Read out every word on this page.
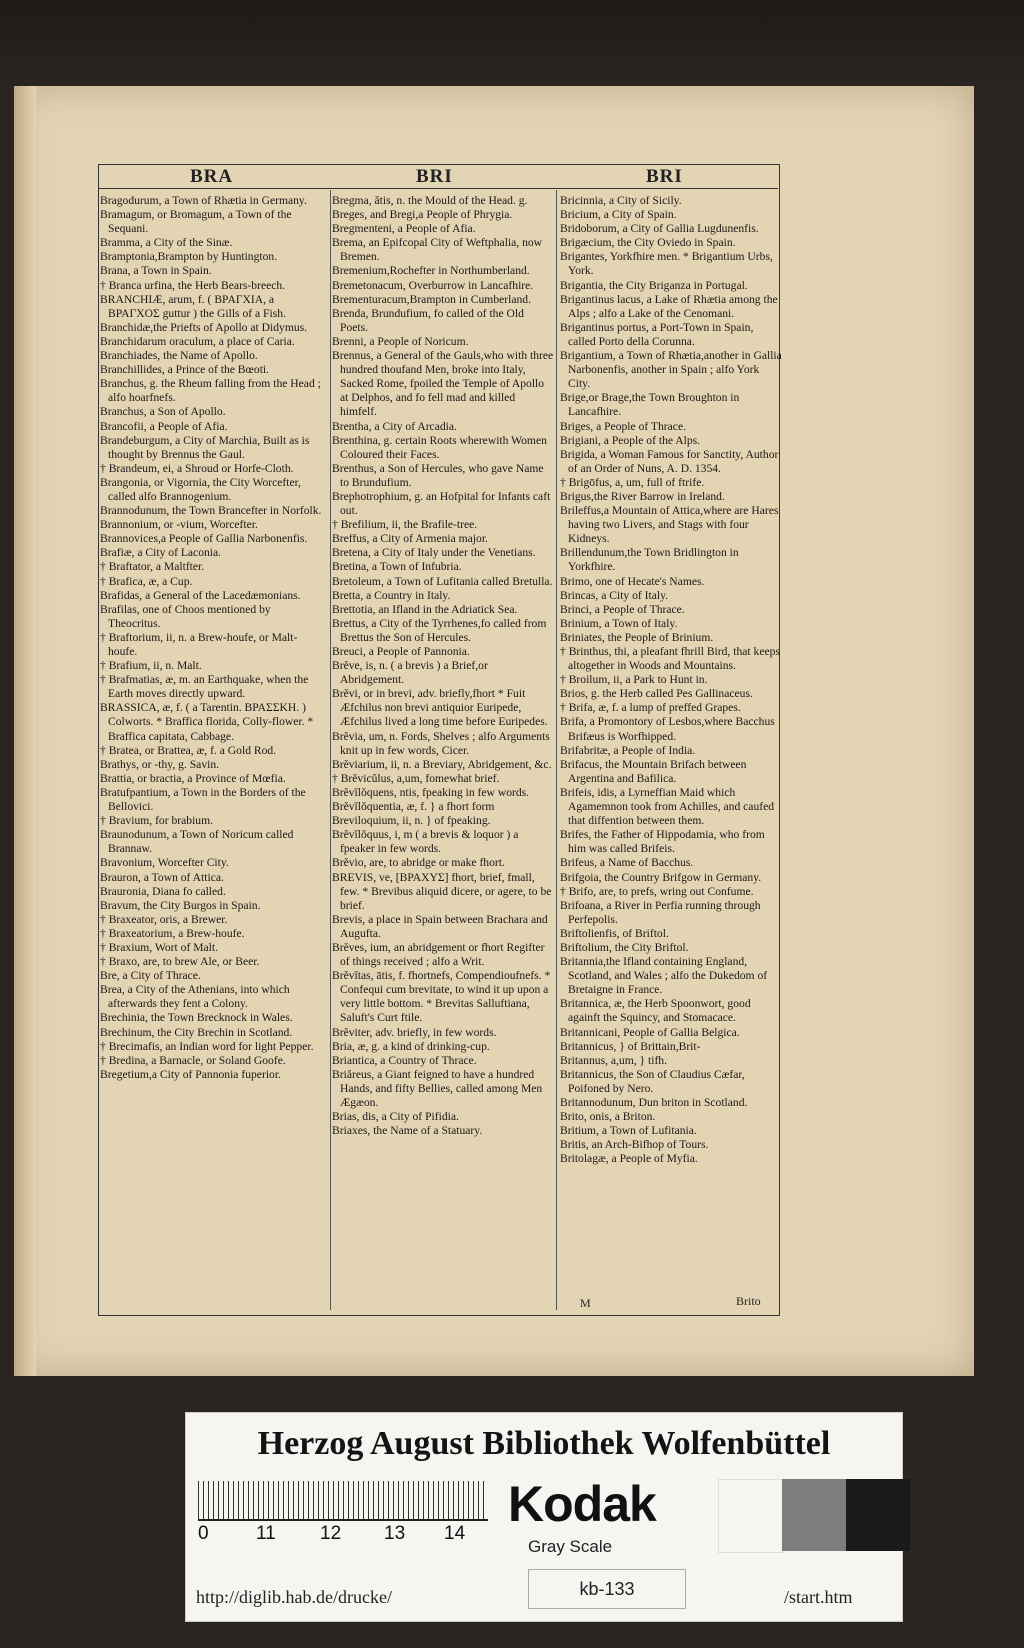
BRA	BRI	BRI

Bragodurum, a Town of Rhætia in Germany.

Bramagum, or Bromagum, a Town of the Sequani.

Bramma, a City of the Sinæ.

Bramptonia,Brampton by Huntington.

Brana, a Town in Spain.

† Branca urfina, the Herb Bears-breech.

BRANCHIÆ, arum, f. ( ΒΡΑΓΧΙΑ, a ΒΡΑΓΧΟΣ guttur ) the Gills of a Fish.

Branchidæ,the Priefts of Apollo at Didymus.

Branchidarum oraculum, a place of Caria.

Branchiades, the Name of Apollo.

Branchillides, a Prince of the Bœoti.

Branchus, g. the Rheum falling from the Head ; alfo hoarfnefs.

Branchus, a Son of Apollo.

Brancofii, a People of Afia.

Brandeburgum, a City of Marchia, Built as is thought by Brennus the Gaul.

† Brandeum, ei, a Shroud or Horfe-Cloth.

Brangonia, or Vigornia, the City Worcefter, called alfo Brannogenium.

Brannodunum, the Town Brancefter in Norfolk.

Brannonium, or -vium, Worcefter.

Brannovices,a People of Gallia Narbonenfis.

Brafiæ, a City of Laconia.

† Braftator, a Maltfter.

† Brafica, æ, a Cup.

Brafidas, a General of the Lacedæmonians.

Brafilas, one of Choos mentioned by Theocritus.

† Braftorium, ii, n. a Brew-houfe, or Malt-houfe.

† Brafium, ii, n. Malt.

† Brafmatias, æ, m. an Earthquake, when the Earth moves directly upward.

BRASSICA, æ, f. ( a Tarentin. ΒΡΑΣΣΚΗ. ) Colworts. * Braffica florida, Colly-flower. * Braffica capitata, Cabbage.

† Bratea, or Brattea, æ, f. a Gold Rod.

Brathys, or -thy, g. Savin.

Brattia, or bractia, a Province of Mœfia.

Bratufpantium, a Town in the Borders of the Bellovici.

† Bravium, for brabium.

Braunodunum, a Town of Noricum called Brannaw.

Bravonium, Worcefter City.

Brauron, a Town of Attica.

Brauronia, Diana fo called.

Bravum, the City Burgos in Spain.

† Braxeator, oris, a Brewer.

† Braxeatorium, a Brew-houfe.

† Braxium, Wort of Malt.

† Braxo, are, to brew Ale, or Beer.

Bre, a City of Thrace.

Brea, a City of the Athenians, into which afterwards they fent a Colony.

Brechinia, the Town Brecknock in Wales.

Brechinum, the City Brechin in Scotland.

† Brecimafis, an Indian word for light Pepper.

† Bredina, a Barnacle, or Soland Goofe.

Bregetium,a City of Pannonia fuperior.

Bregma, ătis, n. the Mould of the Head. g.

Breges, and Bregi,a People of Phrygia.

Bregmenteni, a People of Afia.

Brema, an Epifcopal City of Weftphalia, now Bremen.

Bremenium,Rochefter in Northumberland.

Bremetonacum, Overburrow in Lancafhire.

Brementuracum,Brampton in Cumberland.

Brenda, Brundufium, fo called of the Old Poets.

Brenni, a People of Noricum.

Brennus, a General of the Gauls,who with three hundred thoufand Men, broke into Italy, Sacked Rome, fpoiled the Temple of Apollo at Delphos, and fo fell mad and killed himfelf.

Brentha, a City of Arcadia.

Brenthina, g. certain Roots wherewith Women Coloured their Faces.

Brenthus, a Son of Hercules, who gave Name to Brundufium.

Brephotrophium, g. an Hofpital for Infants caft out.

† Brefilium, ii, the Brafile-tree.

Breffus, a City of Armenia major.

Bretena, a City of Italy under the Venetians.

Bretina, a Town of Infubria.

Bretoleum, a Town of Lufitania called Bretulla.

Bretta, a Country in Italy.

Brettotia, an Ifland in the Adriatick Sea.

Brettus, a City of the Tyrrhenes,fo called from Brettus the Son of Hercules.

Breuci, a People of Pannonia.

Brĕve, is, n. ( a brevis ) a Brief,or Abridgement.

Brĕvi, or in brevi, adv. briefly,fhort * Fuit Æfchilus non brevi antiquior Euripede, Æfchilus lived a long time before Euripedes.

Brĕvia, um, n. Fords, Shelves ; alfo Arguments knit up in few words, Cicer.

Brĕviarium, ii, n. a Breviary, Abridgement, &c.

† Brĕvicŭlus, a,um, fomewhat brief.

Brĕvĭlŏquens, ntis, fpeaking in few words.

Brĕvĭlŏquentia, æ, f. } a fhort form

Breviloquium, ii, n. } of fpeaking.

Brĕvĭlŏquus, i, m ( a brevis & loquor ) a fpeaker in few words.

Brĕvio, are, to abridge or make fhort.

BREVIS, ve, [ΒΡΑΧΥΣ] fhort, brief, fmall, few. * Brevibus aliquid dicere, or agere, to be brief.

Brevis, a place in Spain between Brachara and Augufta.

Brĕves, ium, an abridgement or fhort Regifter of things received ; alfo a Writ.

Brĕvĭtas, ātis, f. fhortnefs, Compendioufnefs. * Confequi cum brevitate, to wind it up upon a very little bottom. * Brevitas Salluftiana, Saluft's Curt ftile.

Brĕviter, adv. briefly, in few words.

Bria, æ, g. a kind of drinking-cup.

Briantica, a Country of Thrace.

Briăreus, a Giant feigned to have a hundred Hands, and fifty Bellies, called among Men Ægæon.

Brias, dis, a City of Pifidia.

Briaxes, the Name of a Statuary.

Bricinnia, a City of Sicily.

Bricium, a City of Spain.

Bridoborum, a City of Gallia Lugdunenfis.

Brigæcium, the City Oviedo in Spain.

Brigantes, Yorkfhire men. * Brigantium Urbs, York.

Brigantia, the City Briganza in Portugal.

Brigantinus lacus, a Lake of Rhætia among the Alps ; alfo a Lake of the Cenomani.

Brigantinus portus, a Port-Town in Spain, called Porto della Corunna.

Brigantium, a Town of Rhætia,another in Gallia Narbonenfis, another in Spain ; alfo York City.

Brige,or Brage,the Town Broughton in Lancafhire.

Briges, a People of Thrace.

Brigiani, a People of the Alps.

Brigida, a Woman Famous for Sanctity, Author of an Order of Nuns, A. D. 1354.

† Brigōfus, a, um, full of ftrife.

Brigus,the River Barrow in Ireland.

Brileffus,a Mountain of Attica,where are Hares having two Livers, and Stags with four Kidneys.

Brillendunum,the Town Bridlington in Yorkfhire.

Brimo, one of Hecate's Names.

Brincas, a City of Italy.

Brinci, a People of Thrace.

Brinium, a Town of Italy.

Briniates, the People of Brinium.

† Brinthus, thi, a pleafant fhrill Bird, that keeps altogether in Woods and Mountains.

† Broilum, ii, a Park to Hunt in.

Brios, g. the Herb called Pes Gallinaceus.

† Brifa, æ, f. a lump of preffed Grapes.

Brifa, a Promontory of Lesbos,where Bacchus Brifæus is Worfhipped.

Brifabritæ, a People of India.

Brifacus, the Mountain Brifach between Argentina and Bafilica.

Brifeis, idis, a Lyrneffian Maid which Agamemnon took from Achilles, and caufed that diffention between them.

Brifes, the Father of Hippodamia, who from him was called Brifeis.

Brifeus, a Name of Bacchus.

Brifgoia, the Country Brifgow in Germany.

† Brifo, are, to prefs, wring out Confume.

Brifoana, a River in Perfia running through Perfepolis.

Briftolienfis, of Briftol.

Briftolium, the City Briftol.

Britannia,the Ifland containing England, Scotland, and Wales ; alfo the Dukedom of Bretaigne in France.

Britannica, æ, the Herb Spoonwort, good againft the Squincy, and Stomacace.

Britannicani, People of Gallia Belgica.

Britannicus, } of Brittain,Brit-

Britannus, a,um, } tifh.

Britannicus, the Son of Claudius Cæfar, Poifoned by Nero.

Britannodunum, Dun briton in Scotland.

Brito, onis, a Briton.

Britium, a Town of Lufitania.

Britis, an Arch-Bifhop of Tours.

Britolagæ, a People of Myfia.

M	Brito
Herzog August Bibliothek Wolfenbüttel
0 11 12 13 14
Kodak
Gray Scale
http://diglib.hab.de/drucke/	kb-133	/start.htm
